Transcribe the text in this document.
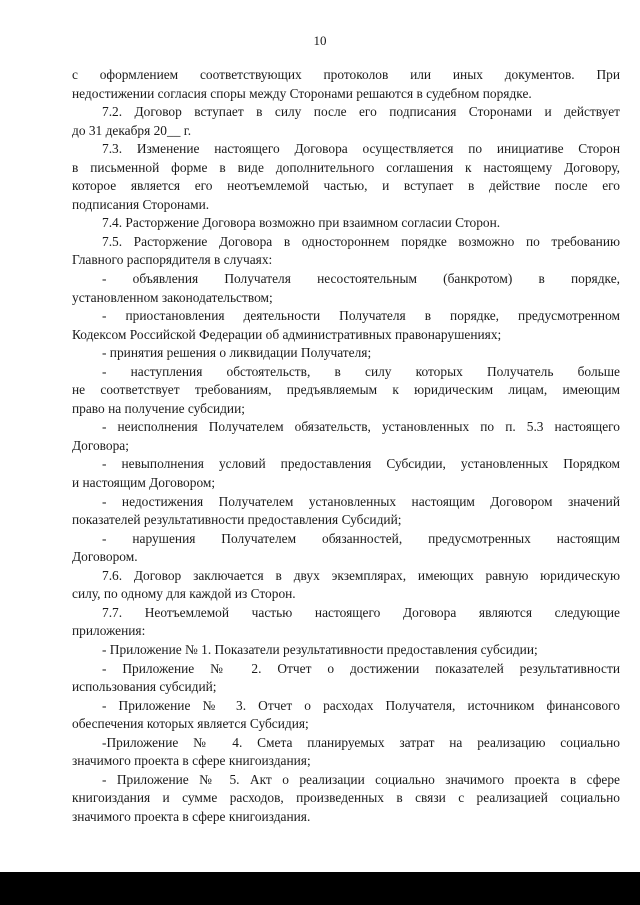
10
с оформлением соответствующих протоколов или иных документов. При
недостижении согласия споры между Сторонами решаются в судебном порядке.
7.2. Договор вступает в силу после его подписания Сторонами и действует
до 31 декабря 20__ г.
7.3. Изменение настоящего Договора осуществляется по инициативе Сторон
в письменной форме в виде дополнительного соглашения к настоящему Договору,
которое является его неотъемлемой частью, и вступает в действие после его
подписания Сторонами.
7.4. Расторжение Договора возможно при взаимном согласии Сторон.
7.5. Расторжение Договора в одностороннем порядке возможно по требованию
Главного распорядителя в случаях:
- объявления Получателя несостоятельным (банкротом) в порядке,
установленном законодательством;
- приостановления деятельности Получателя в порядке, предусмотренном
Кодексом Российской Федерации об административных правонарушениях;
- принятия решения о ликвидации Получателя;
- наступления обстоятельств, в силу которых Получатель больше
не соответствует требованиям, предъявляемым к юридическим лицам, имеющим
право на получение субсидии;
- неисполнения Получателем обязательств, установленных по п. 5.3 настоящего
Договора;
- невыполнения условий предоставления Субсидии, установленных Порядком
и настоящим Договором;
- недостижения Получателем установленных настоящим Договором значений
показателей результативности предоставления Субсидий;
- нарушения Получателем обязанностей, предусмотренных настоящим
Договором.
7.6. Договор заключается в двух экземплярах, имеющих равную юридическую
силу, по одному для каждой из Сторон.
7.7. Неотъемлемой частью настоящего Договора являются следующие
приложения:
- Приложение № 1. Показатели результативности предоставления субсидии;
- Приложение № 2. Отчет о достижении показателей результативности
использования субсидий;
- Приложение № 3. Отчет о расходах Получателя, источником финансового
обеспечения которых является Субсидия;
-Приложение № 4. Смета планируемых затрат на реализацию социально
значимого проекта в сфере книгоиздания;
- Приложение № 5. Акт о реализации социально значимого проекта в сфере
книгоиздания и сумме расходов, произведенных в связи с реализацией социально
значимого проекта в сфере книгоиздания.
